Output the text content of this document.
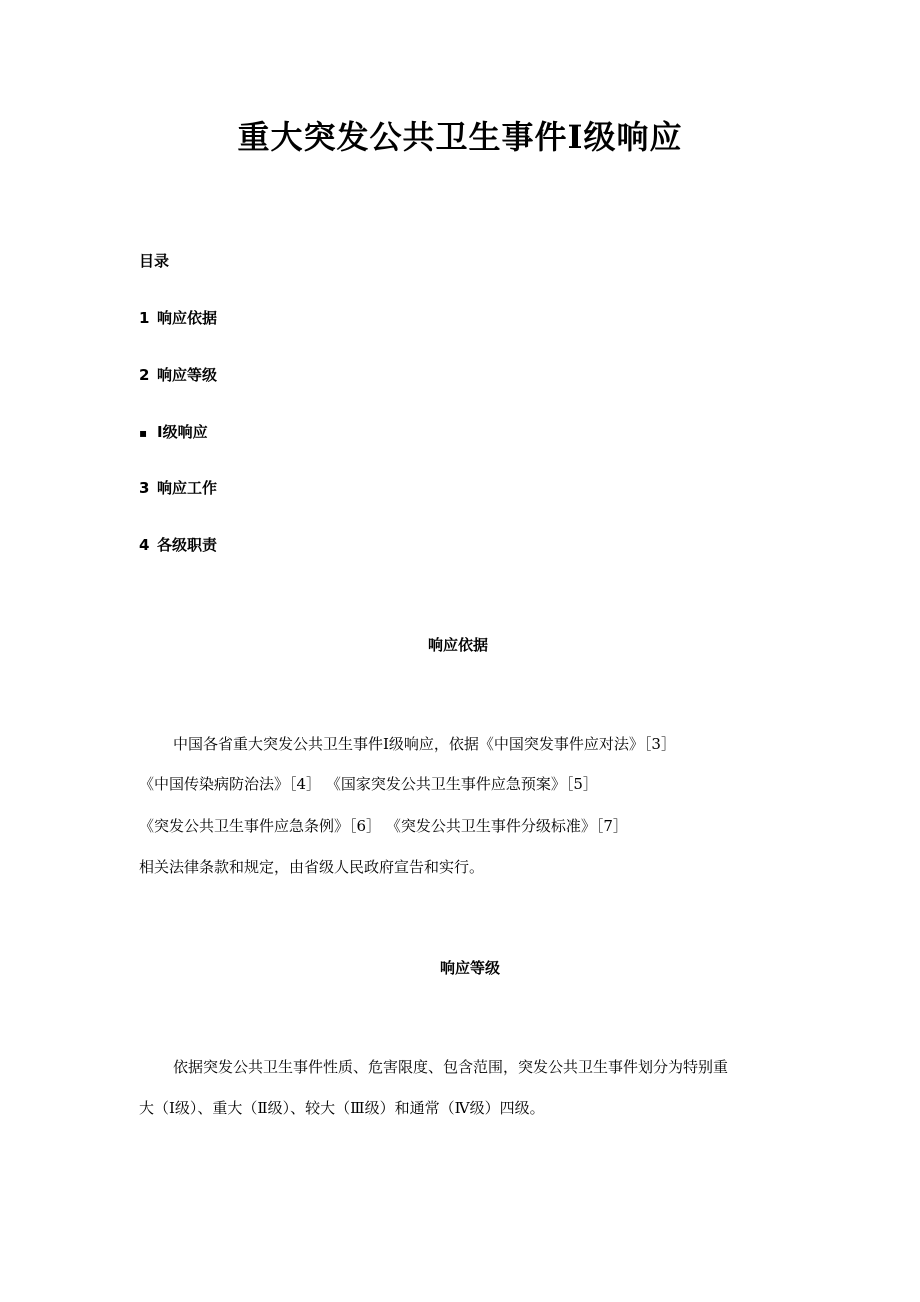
重大突发公共卫生事件Ⅰ级响应
目录
1 响应依据
2 响应等级
▪ Ⅰ级响应
3 响应工作
4 各级职责
响应依据
中国各省重大突发公共卫生事件Ⅰ级响应，依据《中国突发事件应对法》［3］
《中国传染病防治法》［4］ 《国家突发公共卫生事件应急预案》［5］
《突发公共卫生事件应急条例》［6］ 《突发公共卫生事件分级标准》［7］
相关法律条款和规定，由省级人民政府宣告和实行。
响应等级
依据突发公共卫生事件性质、危害限度、包含范围，突发公共卫生事件划分为特别重
大（Ⅰ级）、重大（Ⅱ级）、较大（Ⅲ级）和通常（Ⅳ级）四级。
